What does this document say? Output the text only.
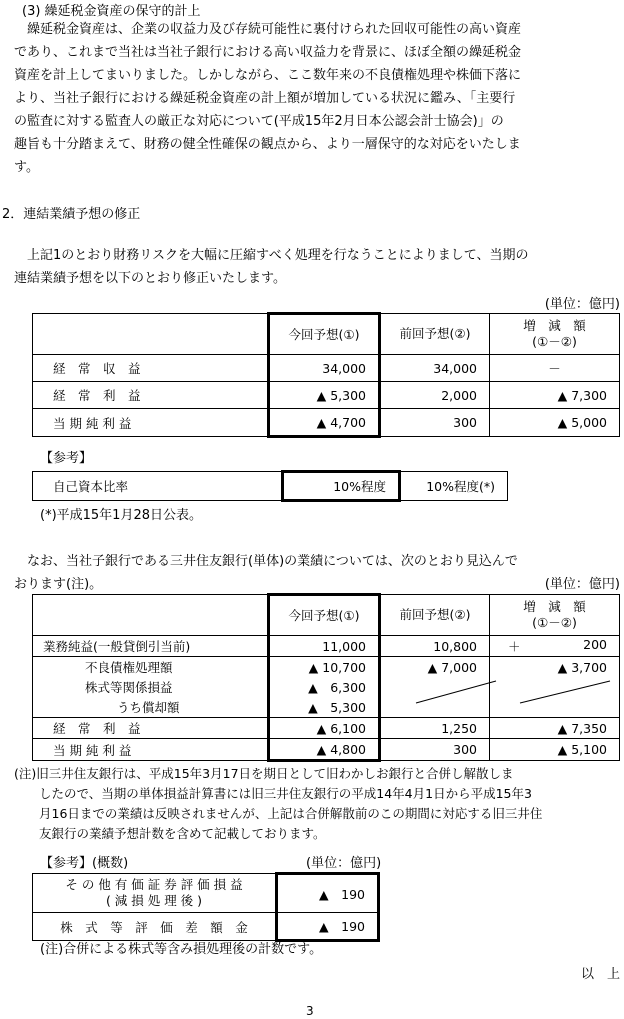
(3) 繰延税金資産の保守的計上
　繰延税金資産は、企業の収益力及び存続可能性に裏付けられた回収可能性の高い資産
であり、これまで当社は当社子銀行における高い収益力を背景に、ほぼ全額の繰延税金
資産を計上してまいりました。しかしながら、ここ数年来の不良債権処理や株価下落に
より、当社子銀行における繰延税金資産の計上額が増加している状況に鑑み、「主要行
の監査に対する監査人の厳正な対応について(平成15年2月日本公認会計士協会)」の
趣旨も十分踏まえて、財務の健全性確保の観点から、より一層保守的な対応をいたしま
す。
2．連結業績予想の修正
　上記1のとおり財務リスクを大幅に圧縮すべく処理を行なうことによりまして、当期の
連結業績予想を以下のとおり修正いたします。
(単位：億円)
	今回予想(①)	前回予想(②)	増　減　額
(①－②)
経　常　収　益	34,000	34,000	－
経　常　利　益	▲ 5,300	2,000	▲ 7,300
当 期 純 利 益	▲ 4,700	300	▲ 5,000
【参考】
自己資本比率	10%程度	10%程度(*)
(*)平成15年1月28日公表。
　なお、当社子銀行である三井住友銀行(単体)の業績については、次のとおり見込んで
おります(注)。	(単位：億円)
	今回予想(①)	前回予想(②)	増　減　額
(①－②)
業務純益(一般貸倒引当前)	11,000	10,800	＋ 200
不良債権処理額	▲ 10,700	▲ 7,000	▲ 3,700
株式等関係損益	▲　6,300		
うち償却額	▲　5,300		
経　常　利　益	▲ 6,100	1,250	▲ 7,350
当 期 純 利 益	▲ 4,800	300	▲ 5,100
(注)旧三井住友銀行は、平成15年3月17日を期日として旧わかしお銀行と合併し解散しま
　　したので、当期の単体損益計算書には旧三井住友銀行の平成14年4月1日から平成15年3
　　月16日までの業績は反映されませんが、上記は合併解散前のこの期間に対応する旧三井住
　　友銀行の業績予想計数を含めて記載しております。
【参考】(概数)	(単位：億円)
そ の 他 有 価 証 券 評 価 損 益
( 減 損 処 理 後 )	▲　190
株　式　等　評　価　差　額　金	▲　190
(注)合併による株式等含み損処理後の計数です。
以　上
3
